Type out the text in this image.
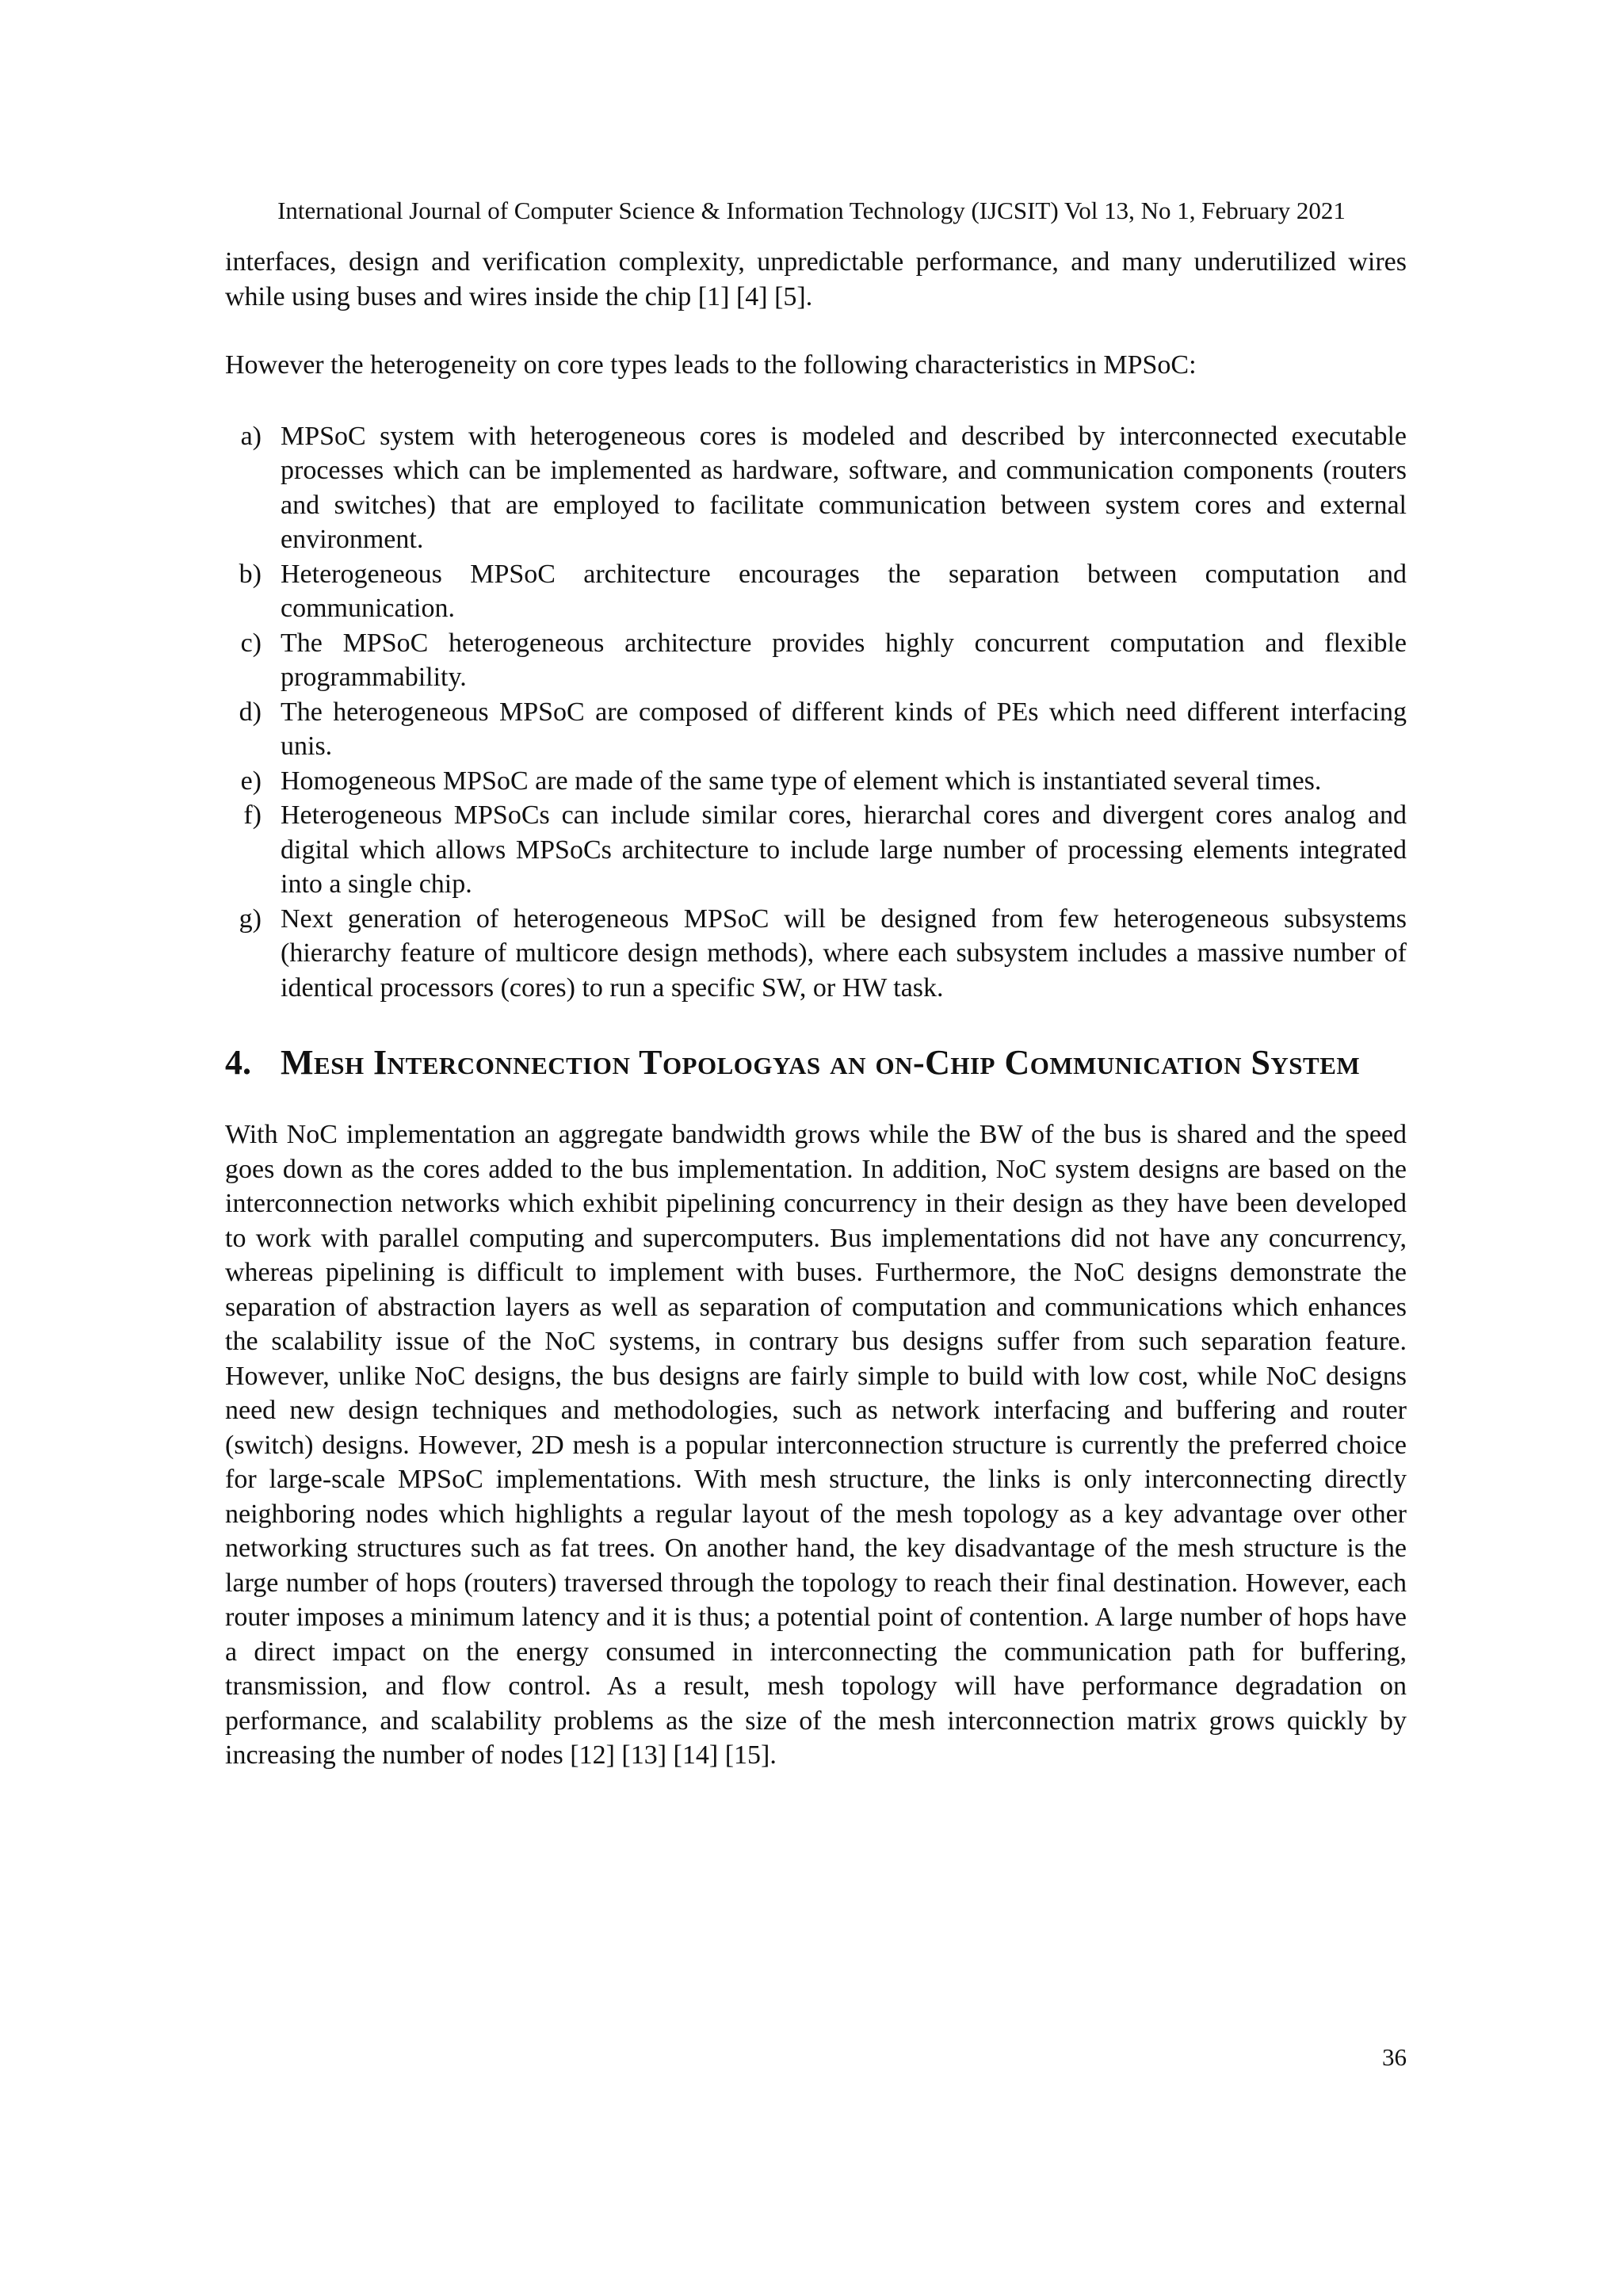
International Journal of Computer Science & Information Technology (IJCSIT) Vol 13, No 1, February 2021

interfaces, design and verification complexity, unpredictable performance, and many underutilized wires while using buses and wires inside the chip [1] [4] [5].

However the heterogeneity on core types leads to the following characteristics in MPSoC:

a) MPSoC system with heterogeneous cores is modeled and described by interconnected executable processes which can be implemented as hardware, software, and communication components (routers and switches) that are employed to facilitate communication between system cores and external environment.
b) Heterogeneous MPSoC architecture encourages the separation between computation and communication.
c) The MPSoC heterogeneous architecture provides highly concurrent computation and flexible programmability.
d) The heterogeneous MPSoC are composed of different kinds of PEs which need different interfacing unis.
e) Homogeneous MPSoC are made of the same type of element which is instantiated several times.
f) Heterogeneous MPSoCs can include similar cores, hierarchal cores and divergent cores analog and digital which allows MPSoCs architecture to include large number of processing elements integrated into a single chip.
g) Next generation of heterogeneous MPSoC will be designed from few heterogeneous subsystems (hierarchy feature of multicore design methods), where each subsystem includes a massive number of identical processors (cores) to run a specific SW, or HW task.
4. Mesh Interconnection Topologyas an on-Chip Communication System

With NoC implementation an aggregate bandwidth grows while the BW of the bus is shared and the speed goes down as the cores added to the bus implementation. In addition, NoC system designs are based on the interconnection networks which exhibit pipelining concurrency in their design as they have been developed to work with parallel computing and supercomputers. Bus implementations did not have any concurrency, whereas pipelining is difficult to implement with buses. Furthermore, the NoC designs demonstrate the separation of abstraction layers as well as separation of computation and communications which enhances the scalability issue of the NoC systems, in contrary bus designs suffer from such separation feature. However, unlike NoC designs, the bus designs are fairly simple to build with low cost, while NoC designs need new design techniques and methodologies, such as network interfacing and buffering and router (switch) designs. However, 2D mesh is a popular interconnection structure is currently the preferred choice for large-scale MPSoC implementations. With mesh structure, the links is only interconnecting directly neighboring nodes which highlights a regular layout of the mesh topology as a key advantage over other networking structures such as fat trees. On another hand, the key disadvantage of the mesh structure is the large number of hops (routers) traversed through the topology to reach their final destination. However, each router imposes a minimum latency and it is thus; a potential point of contention. A large number of hops have a direct impact on the energy consumed in interconnecting the communication path for buffering, transmission, and flow control. As a result, mesh topology will have performance degradation on performance, and scalability problems as the size of the mesh interconnection matrix grows quickly by increasing the number of nodes [12] [13] [14] [15].

36
